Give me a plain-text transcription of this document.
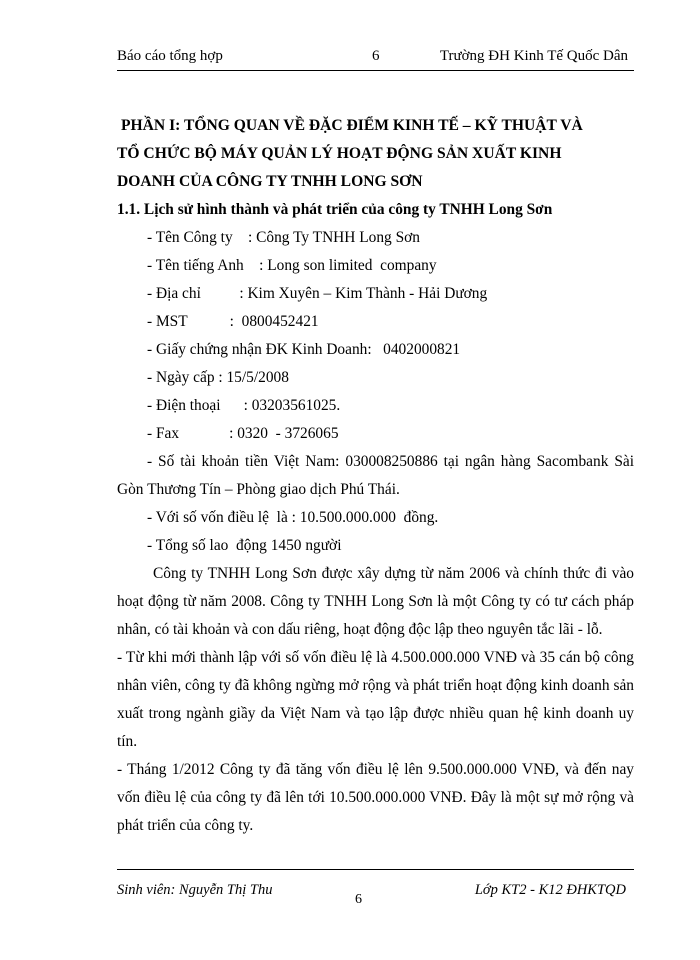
Báo cáo tổng hợp	6	Trường ĐH Kinh Tế Quốc Dân
PHẦN I: TỔNG QUAN VỀ ĐẶC ĐIỂM KINH TẾ – KỸ THUẬT VÀ
TỔ CHỨC BỘ MÁY QUẢN LÝ HOẠT ĐỘNG SẢN XUẤT KINH
DOANH CỦA CÔNG TY TNHH LONG SƠN
1.1. Lịch sử hình thành và phát triển của công ty TNHH Long Sơn
- Tên Công ty    : Công Ty TNHH Long Sơn
- Tên tiếng Anh    : Long son limited  company
- Địa chỉ          : Kim Xuyên – Kim Thành - Hải Dương
- MST           :  0800452421
- Giấy chứng nhận ĐK Kinh Doanh:   0402000821
- Ngày cấp : 15/5/2008
- Điện thoại      : 03203561025.
- Fax             : 0320  - 3726065
- Số tài khoản tiền Việt Nam: 030008250886 tại ngân hàng Sacombank Sài Gòn Thương Tín – Phòng giao dịch Phú Thái.
- Với số vốn điều lệ  là : 10.500.000.000  đồng.
- Tổng số lao  động 1450 người

Công ty TNHH Long Sơn được xây dựng từ năm 2006 và chính thức đi vào hoạt động từ năm 2008. Công ty TNHH Long Sơn là một Công ty có tư cách pháp nhân, có tài khoản và con dấu riêng, hoạt động độc lập theo nguyên tắc lãi - lỗ.

- Từ khi mới thành lập với số vốn điều lệ là 4.500.000.000 VNĐ và 35 cán bộ công nhân viên, công ty đã không ngừng mở rộng và phát triển hoạt động kinh doanh sản xuất trong ngành giầy da Việt Nam và tạo lập được nhiều quan hệ kinh doanh uy tín.

- Tháng 1/2012 Công ty đã tăng vốn điều lệ lên 9.500.000.000 VNĐ, và đến nay vốn điều lệ của công ty đã lên tới 10.500.000.000 VNĐ. Đây là một sự mở rộng và phát triển của công ty.

Sinh viên: Nguyễn Thị Thu
6
Lớp KT2 - K12 ĐHKTQD
